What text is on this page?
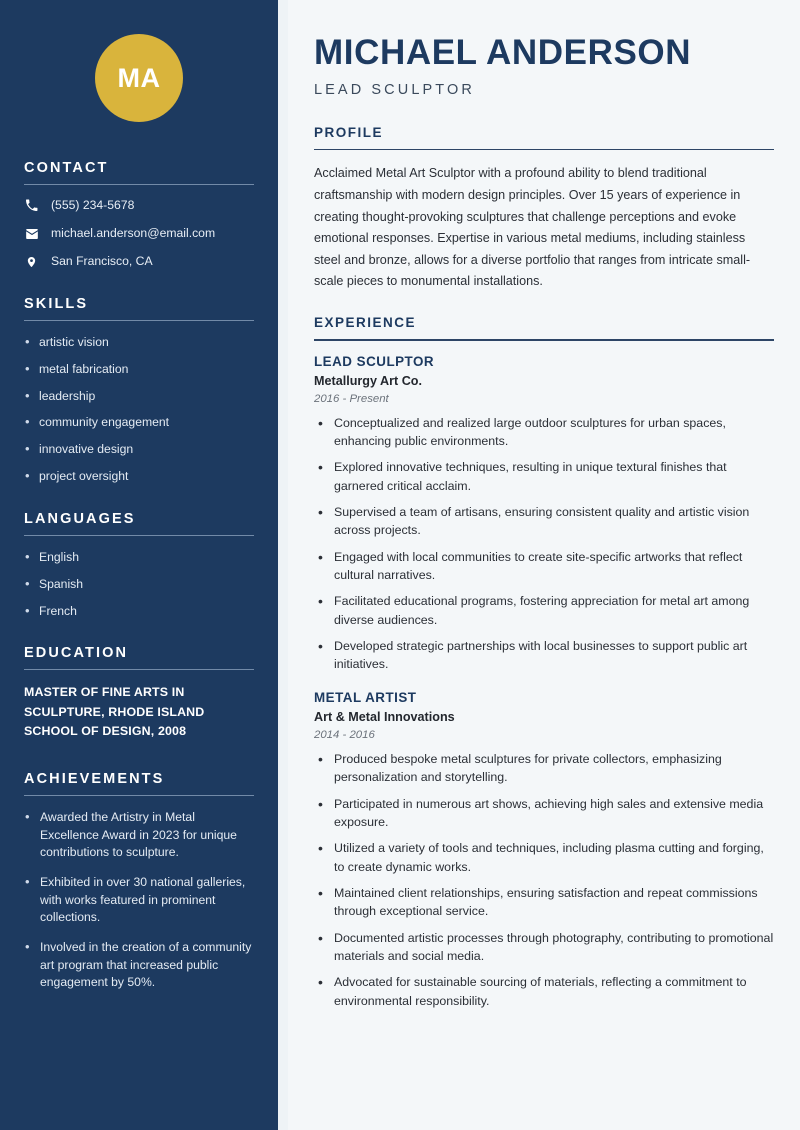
MA
CONTACT
(555) 234-5678
michael.anderson@email.com
San Francisco, CA
SKILLS
• artistic vision
• metal fabrication
• leadership
• community engagement
• innovative design
• project oversight
LANGUAGES
• English
• Spanish
• French
EDUCATION
MASTER OF FINE ARTS IN SCULPTURE, RHODE ISLAND SCHOOL OF DESIGN, 2008
ACHIEVEMENTS
• Awarded the Artistry in Metal Excellence Award in 2023 for unique contributions to sculpture.
• Exhibited in over 30 national galleries, with works featured in prominent collections.
• Involved in the creation of a community art program that increased public engagement by 50%.
MICHAEL ANDERSON
LEAD SCULPTOR
PROFILE

Acclaimed Metal Art Sculptor with a profound ability to blend traditional craftsmanship with modern design principles. Over 15 years of experience in creating thought-provoking sculptures that challenge perceptions and evoke emotional responses. Expertise in various metal mediums, including stainless steel and bronze, allows for a diverse portfolio that ranges from intricate small-scale pieces to monumental installations.

EXPERIENCE
LEAD SCULPTOR
Metallurgy Art Co.
2016 - Present
• Conceptualized and realized large outdoor sculptures for urban spaces, enhancing public environments.
• Explored innovative techniques, resulting in unique textural finishes that garnered critical acclaim.
• Supervised a team of artisans, ensuring consistent quality and artistic vision across projects.
• Engaged with local communities to create site-specific artworks that reflect cultural narratives.
• Facilitated educational programs, fostering appreciation for metal art among diverse audiences.
• Developed strategic partnerships with local businesses to support public art initiatives.
METAL ARTIST
Art & Metal Innovations
2014 - 2016
• Produced bespoke metal sculptures for private collectors, emphasizing personalization and storytelling.
• Participated in numerous art shows, achieving high sales and extensive media exposure.
• Utilized a variety of tools and techniques, including plasma cutting and forging, to create dynamic works.
• Maintained client relationships, ensuring satisfaction and repeat commissions through exceptional service.
• Documented artistic processes through photography, contributing to promotional materials and social media.
• Advocated for sustainable sourcing of materials, reflecting a commitment to environmental responsibility.
